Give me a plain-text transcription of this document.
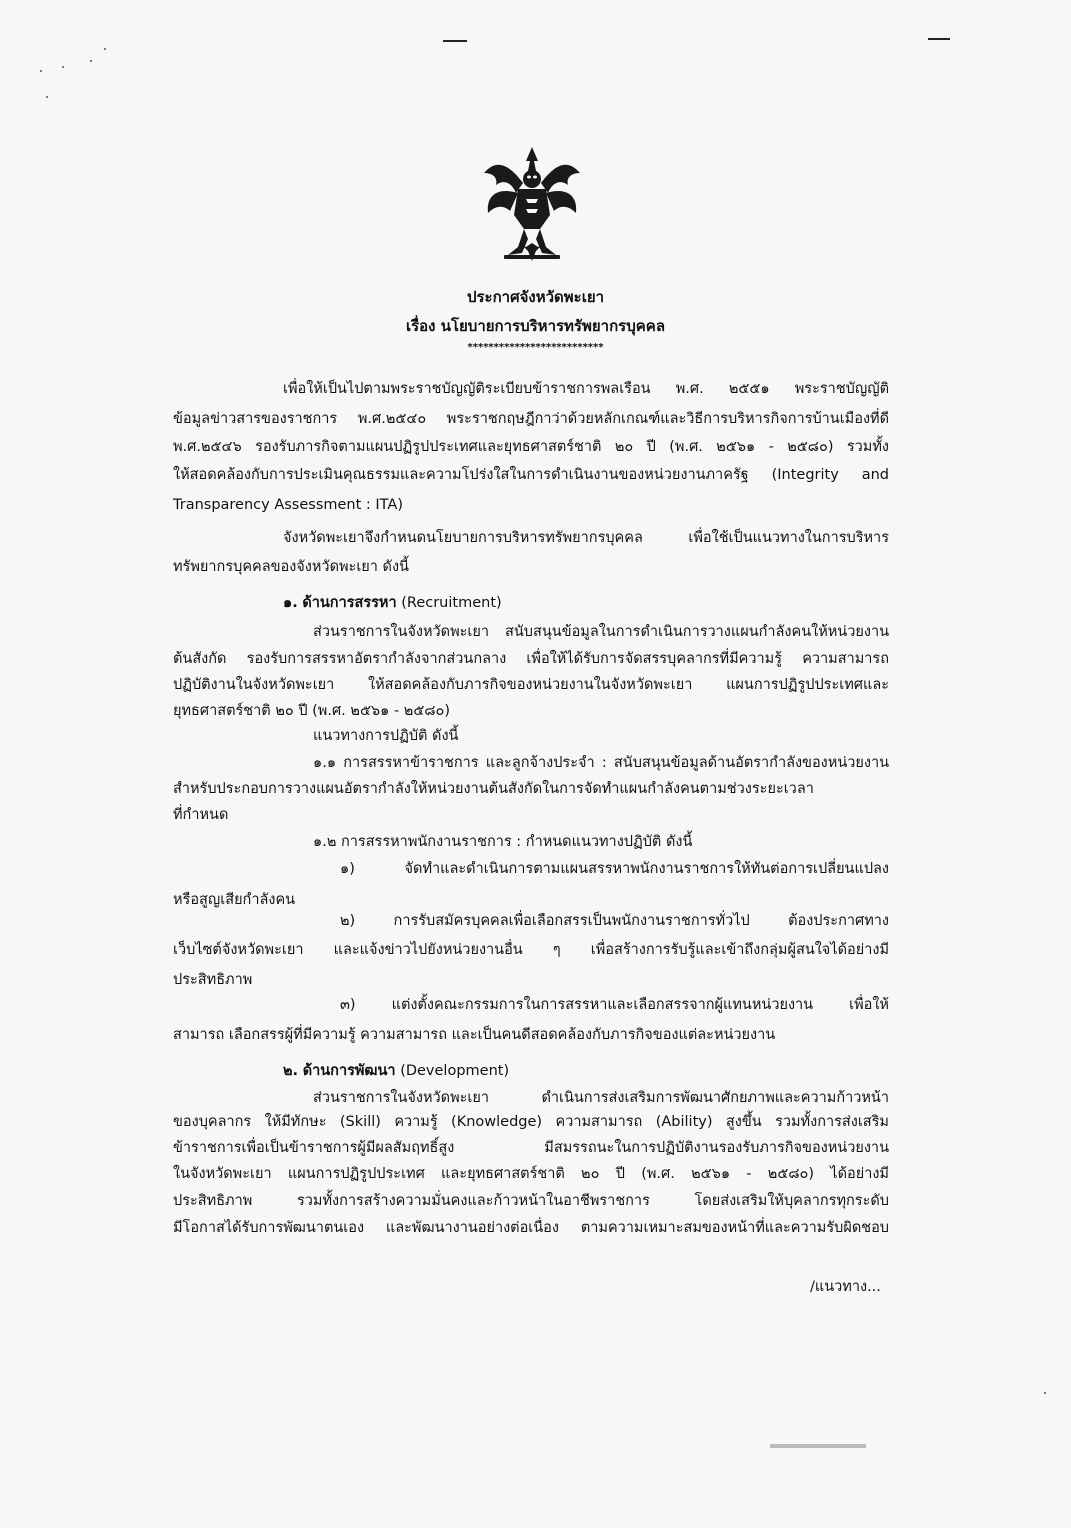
ประกาศจังหวัดพะเยา
เรื่อง นโยบายการบริหารทรัพยากรบุคคล
**************************
เพื่อให้เป็นไปตามพระราชบัญญัติระเบียบข้าราชการพลเรือน พ.ศ. ๒๕๕๑ พระราชบัญญัติ
ข้อมูลข่าวสารของราชการ พ.ศ.๒๕๔๐ พระราชกฤษฎีกาว่าด้วยหลักเกณฑ์และวิธีการบริหารกิจการบ้านเมืองที่ดี
พ.ศ.๒๕๔๖ รองรับภารกิจตามแผนปฏิรูปประเทศและยุทธศาสตร์ชาติ ๒๐ ปี (พ.ศ. ๒๕๖๑ - ๒๕๘๐) รวมทั้ง
ให้สอดคล้องกับการประเมินคุณธรรมและความโปร่งใสในการดำเนินงานของหน่วยงานภาครัฐ (Integrity and
Transparency Assessment : ITA)
จังหวัดพะเยาจึงกำหนดนโยบายการบริหารทรัพยากรบุคคล เพื่อใช้เป็นแนวทางในการบริหาร
ทรัพยากรบุคคลของจังหวัดพะเยา ดังนี้
๑. ด้านการสรรหา (Recruitment)
ส่วนราชการในจังหวัดพะเยา สนับสนุนข้อมูลในการดำเนินการวางแผนกำลังคนให้หน่วยงาน
ต้นสังกัด รองรับการสรรหาอัตรากำลังจากส่วนกลาง เพื่อให้ได้รับการจัดสรรบุคลากรที่มีความรู้ ความสามารถ
ปฏิบัติงานในจังหวัดพะเยา ให้สอดคล้องกับภารกิจของหน่วยงานในจังหวัดพะเยา แผนการปฏิรูปประเทศและ
ยุทธศาสตร์ชาติ ๒๐ ปี (พ.ศ. ๒๕๖๑ - ๒๕๘๐)
แนวทางการปฏิบัติ ดังนี้
๑.๑ การสรรหาข้าราชการ และลูกจ้างประจำ : สนับสนุนข้อมูลด้านอัตรากำลังของหน่วยงาน
สำหรับประกอบการวางแผนอัตรากำลังให้หน่วยงานต้นสังกัดในการจัดทำแผนกำลังคนตามช่วงระยะเวลา
ที่กำหนด
๑.๒ การสรรหาพนักงานราชการ : กำหนดแนวทางปฏิบัติ ดังนี้
๑) จัดทำและดำเนินการตามแผนสรรหาพนักงานราชการให้ทันต่อการเปลี่ยนแปลง
หรือสูญเสียกำลังคน
๒) การรับสมัครบุคคลเพื่อเลือกสรรเป็นพนักงานราชการทั่วไป ต้องประกาศทาง
เว็บไซต์จังหวัดพะเยา และแจ้งข่าวไปยังหน่วยงานอื่น ๆ เพื่อสร้างการรับรู้และเข้าถึงกลุ่มผู้สนใจได้อย่างมี
ประสิทธิภาพ
๓) แต่งตั้งคณะกรรมการในการสรรหาและเลือกสรรจากผู้แทนหน่วยงาน เพื่อให้
สามารถ เลือกสรรผู้ที่มีความรู้ ความสามารถ และเป็นคนดีสอดคล้องกับภารกิจของแต่ละหน่วยงาน
๒. ด้านการพัฒนา (Development)
ส่วนราชการในจังหวัดพะเยา ดำเนินการส่งเสริมการพัฒนาศักยภาพและความก้าวหน้า
ของบุคลากร ให้มีทักษะ (Skill) ความรู้ (Knowledge) ความสามารถ (Ability) สูงขึ้น รวมทั้งการส่งเสริม
ข้าราชการเพื่อเป็นข้าราชการผู้มีผลสัมฤทธิ์สูง มีสมรรถนะในการปฏิบัติงานรองรับภารกิจของหน่วยงาน
ในจังหวัดพะเยา แผนการปฏิรูปประเทศ และยุทธศาสตร์ชาติ ๒๐ ปี (พ.ศ. ๒๕๖๑ - ๒๕๘๐) ได้อย่างมี
ประสิทธิภาพ รวมทั้งการสร้างความมั่นคงและก้าวหน้าในอาชีพราชการ โดยส่งเสริมให้บุคลากรทุกระดับ
มีโอกาสได้รับการพัฒนาตนเอง และพัฒนางานอย่างต่อเนื่อง ตามความเหมาะสมของหน้าที่และความรับผิดชอบ
/แนวทาง...
